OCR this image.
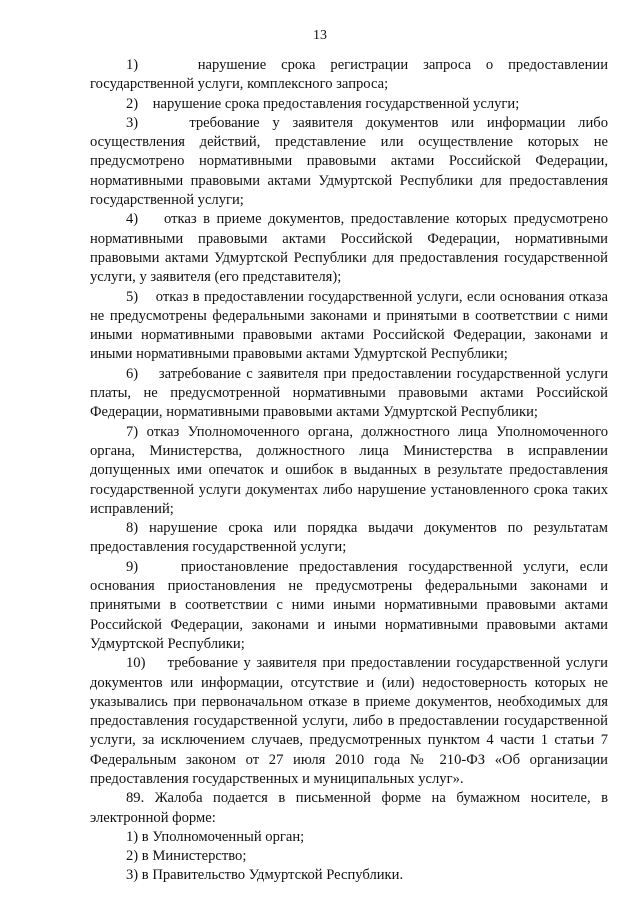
13

1)    нарушение срока регистрации запроса о предоставлении государственной услуги, комплексного запроса;

2)    нарушение срока предоставления государственной услуги;

3)    требование у заявителя документов или информации либо осуществления действий, представление или осуществление которых не предусмотрено нормативными правовыми актами Российской Федерации, нормативными правовыми актами Удмуртской Республики для предоставления государственной услуги;

4)    отказ в приеме документов, предоставление которых предусмотрено нормативными правовыми актами Российской Федерации, нормативными правовыми актами Удмуртской Республики для предоставления государственной услуги, у заявителя (его представителя);

5)    отказ в предоставлении государственной услуги, если основания отказа не предусмотрены федеральными законами и принятыми в соответствии с ними иными нормативными правовыми актами Российской Федерации, законами и иными нормативными правовыми актами Удмуртской Республики;

6)    затребование с заявителя при предоставлении государственной услуги платы, не предусмотренной нормативными правовыми актами Российской Федерации, нормативными правовыми актами Удмуртской Республики;

7) отказ Уполномоченного органа, должностного лица Уполномоченного органа, Министерства, должностного лица Министерства в исправлении допущенных ими опечаток и ошибок в выданных в результате предоставления государственной услуги документах либо нарушение установленного срока таких исправлений;

8) нарушение срока или порядка выдачи документов по результатам предоставления государственной услуги;

9)    приостановление предоставления государственной услуги, если основания приостановления не предусмотрены федеральными законами и принятыми в соответствии с ними иными нормативными правовыми актами Российской Федерации, законами и иными нормативными правовыми актами Удмуртской Республики;

10)    требование у заявителя при предоставлении государственной услуги документов или информации, отсутствие и (или) недостоверность которых не указывались при первоначальном отказе в приеме документов, необходимых для предоставления государственной услуги, либо в предоставлении государственной услуги, за исключением случаев, предусмотренных пунктом 4 части 1 статьи 7 Федеральным законом от 27 июля 2010 года № 210-ФЗ «Об организации предоставления государственных и муниципальных услуг».

89. Жалоба подается в письменной форме на бумажном носителе, в электронной форме:

1) в Уполномоченный орган;

2) в Министерство;

3) в Правительство Удмуртской Республики.
